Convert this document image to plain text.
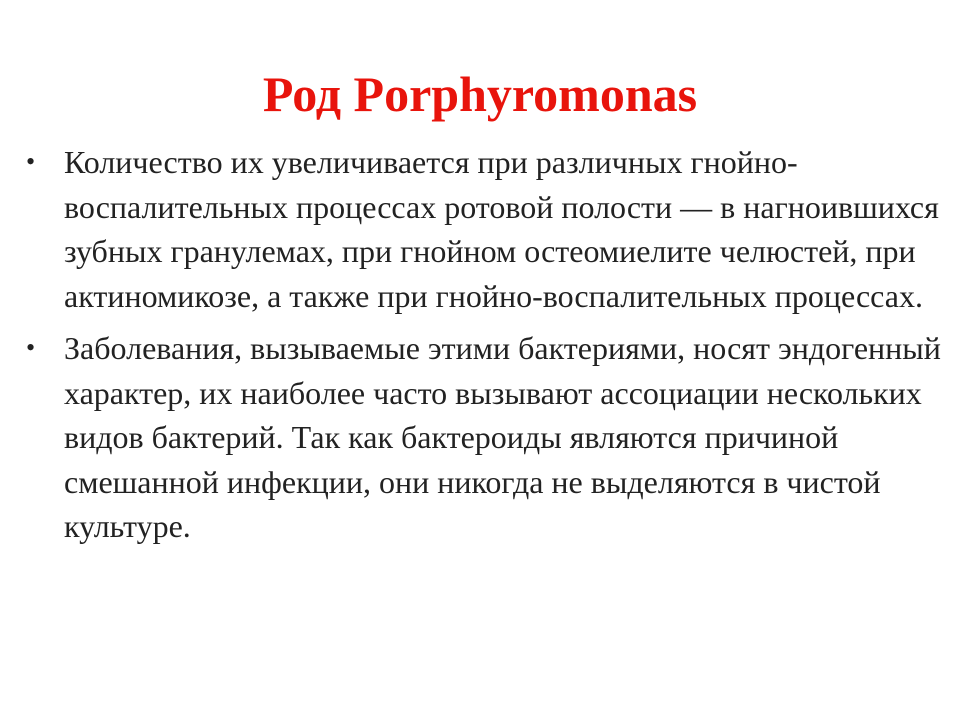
Род Porphyromonas
• Количество их увеличивается при различных гнойно-воспалительных процессах ротовой полости — в нагноившихся зубных гранулемах, при гнойном остеомиелите челюстей, при актиномикозе, а также при гнойно-воспалительных процессах.
• Заболевания, вызываемые этими бактериями, носят эндогенный характер, их наиболее часто вызывают ассоциации нескольких видов бактерий. Так как бактероиды являются причиной смешанной инфекции, они никогда не выделяются в чистой культуре.
